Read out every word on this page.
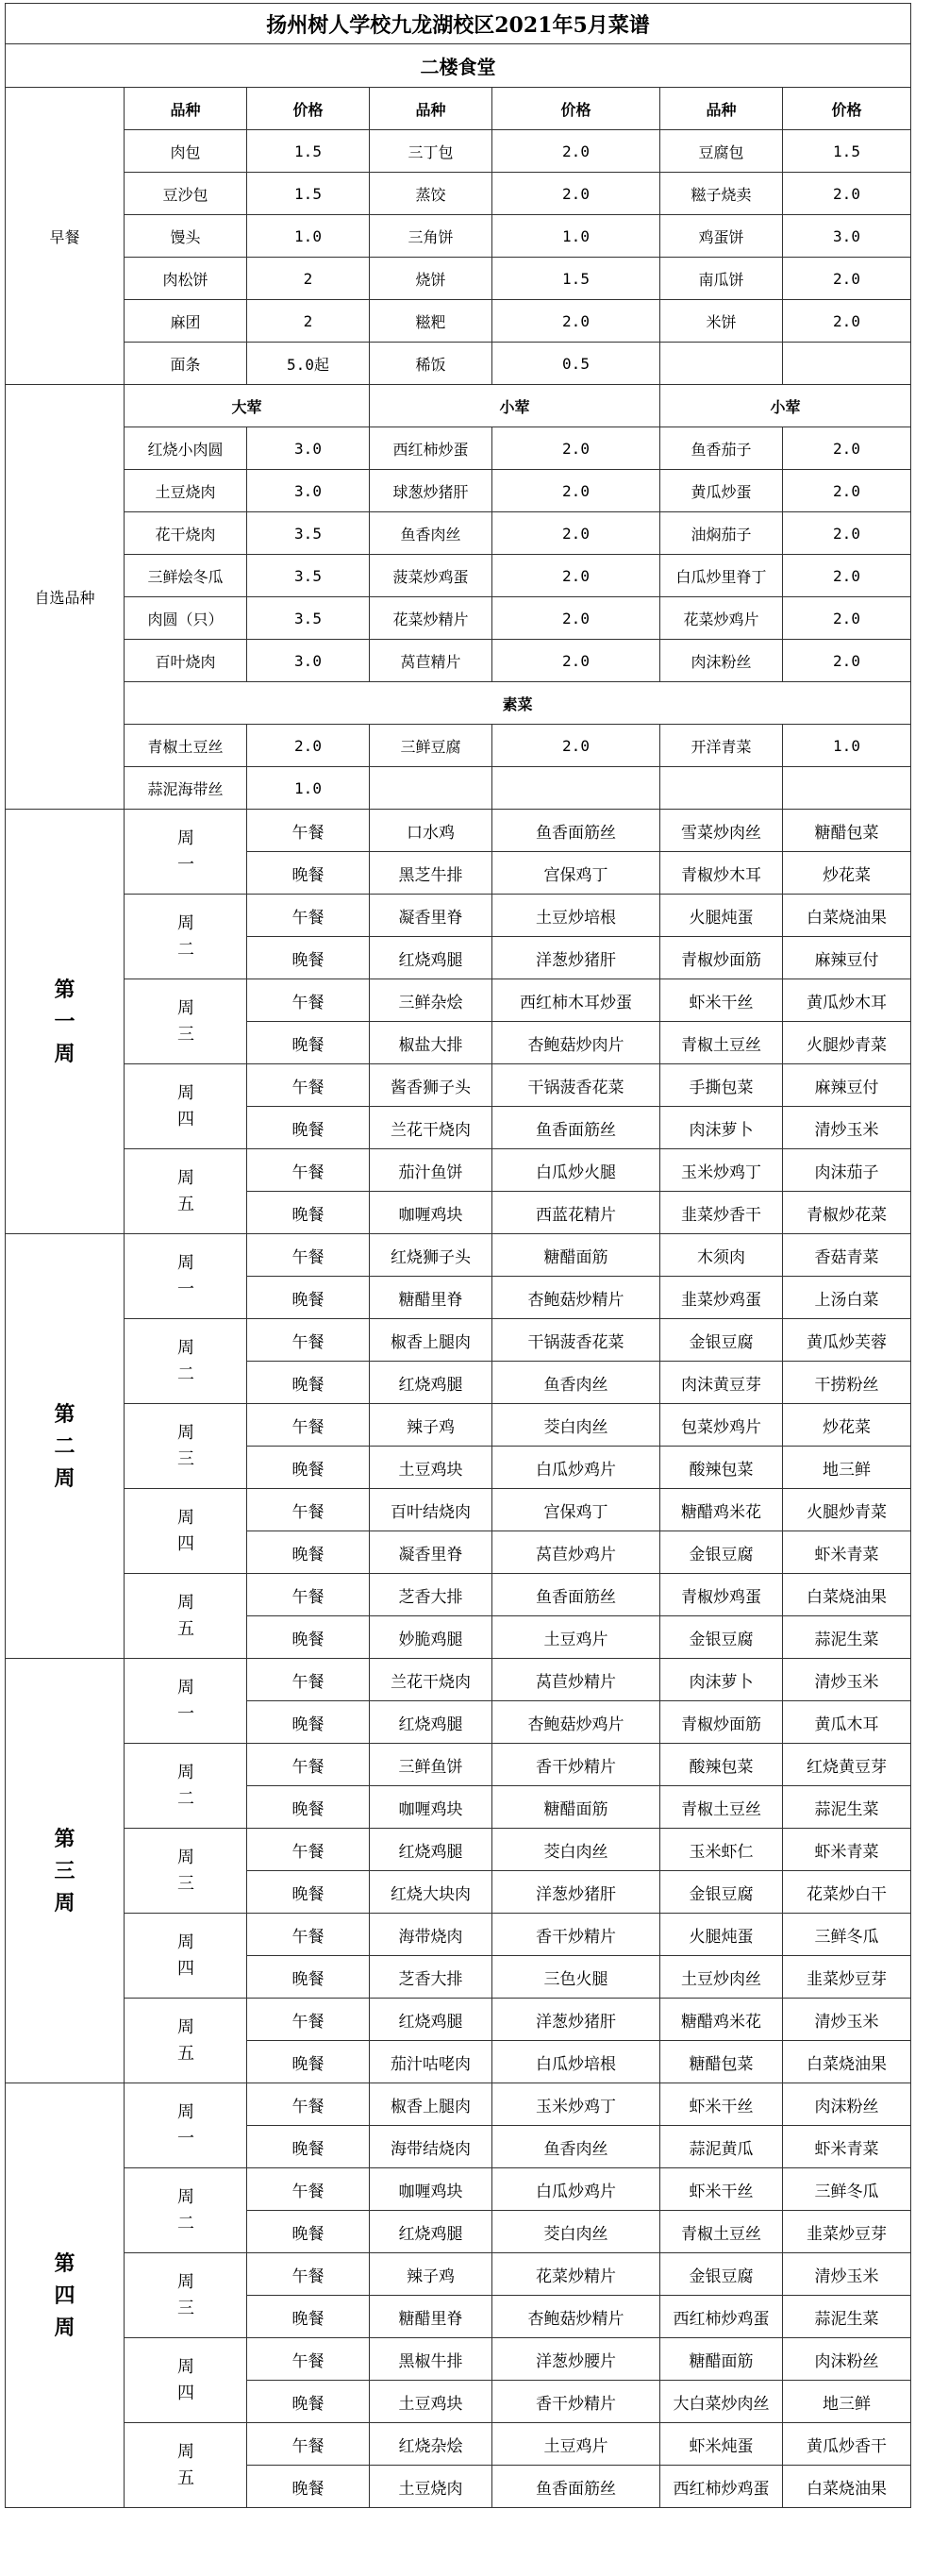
扬州树人学校九龙湖校区2021年5月菜谱						
二楼食堂						
早餐	品种	价格	品种	价格	品种	价格
	肉包	1.5	三丁包	2.0	豆腐包	1.5
	豆沙包	1.5	蒸饺	2.0	糍子烧卖	2.0
	馒头	1.0	三角饼	1.0	鸡蛋饼	3.0
	肉松饼	2	烧饼	1.5	南瓜饼	2.0
	麻团	2	糍粑	2.0	米饼	2.0
	面条	5.0起	稀饭	0.5		
自选品种	大荤		小荤		小荤	
	红烧小肉圆	3.0	西红柿炒蛋	2.0	鱼香茄子	2.0
	土豆烧肉	3.0	球葱炒猪肝	2.0	黄瓜炒蛋	2.0
	花干烧肉	3.5	鱼香肉丝	2.0	油焖茄子	2.0
	三鲜烩冬瓜	3.5	菠菜炒鸡蛋	2.0	白瓜炒里脊丁	2.0
	肉圆（只）	3.5	花菜炒精片	2.0	花菜炒鸡片	2.0
	百叶烧肉	3.0	莴苣精片	2.0	肉沫粉丝	2.0
	素菜					
	青椒土豆丝	2.0	三鲜豆腐	2.0	开洋青菜	1.0
	蒜泥海带丝	1.0				
第一周	周一	午餐	口水鸡	鱼香面筋丝	雪菜炒肉丝	糖醋包菜
		晚餐	黑芝牛排	宫保鸡丁	青椒炒木耳	炒花菜
	周二	午餐	凝香里脊	土豆炒培根	火腿炖蛋	白菜烧油果
		晚餐	红烧鸡腿	洋葱炒猪肝	青椒炒面筋	麻辣豆付
	周三	午餐	三鲜杂烩	西红柿木耳炒蛋	虾米干丝	黄瓜炒木耳
		晚餐	椒盐大排	杏鲍菇炒肉片	青椒土豆丝	火腿炒青菜
	周四	午餐	酱香狮子头	干锅菠香花菜	手撕包菜	麻辣豆付
		晚餐	兰花干烧肉	鱼香面筋丝	肉沫萝卜	清炒玉米
	周五	午餐	茄汁鱼饼	白瓜炒火腿	玉米炒鸡丁	肉沫茄子
		晚餐	咖喱鸡块	西蓝花精片	韭菜炒香干	青椒炒花菜
第二周	周一	午餐	红烧狮子头	糖醋面筋	木须肉	香菇青菜
		晚餐	糖醋里脊	杏鲍菇炒精片	韭菜炒鸡蛋	上汤白菜
	周二	午餐	椒香上腿肉	干锅菠香花菜	金银豆腐	黄瓜炒芙蓉
		晚餐	红烧鸡腿	鱼香肉丝	肉沫黄豆芽	干捞粉丝
	周三	午餐	辣子鸡	茭白肉丝	包菜炒鸡片	炒花菜
		晚餐	土豆鸡块	白瓜炒鸡片	酸辣包菜	地三鲜
	周四	午餐	百叶结烧肉	宫保鸡丁	糖醋鸡米花	火腿炒青菜
		晚餐	凝香里脊	莴苣炒鸡片	金银豆腐	虾米青菜
	周五	午餐	芝香大排	鱼香面筋丝	青椒炒鸡蛋	白菜烧油果
		晚餐	妙脆鸡腿	土豆鸡片	金银豆腐	蒜泥生菜
第三周	周一	午餐	兰花干烧肉	莴苣炒精片	肉沫萝卜	清炒玉米
		晚餐	红烧鸡腿	杏鲍菇炒鸡片	青椒炒面筋	黄瓜木耳
	周二	午餐	三鲜鱼饼	香干炒精片	酸辣包菜	红烧黄豆芽
		晚餐	咖喱鸡块	糖醋面筋	青椒土豆丝	蒜泥生菜
	周三	午餐	红烧鸡腿	茭白肉丝	玉米虾仁	虾米青菜
		晚餐	红烧大块肉	洋葱炒猪肝	金银豆腐	花菜炒白干
	周四	午餐	海带烧肉	香干炒精片	火腿炖蛋	三鲜冬瓜
		晚餐	芝香大排	三色火腿	土豆炒肉丝	韭菜炒豆芽
	周五	午餐	红烧鸡腿	洋葱炒猪肝	糖醋鸡米花	清炒玉米
		晚餐	茄汁咕咾肉	白瓜炒培根	糖醋包菜	白菜烧油果
第四周	周一	午餐	椒香上腿肉	玉米炒鸡丁	虾米干丝	肉沫粉丝
		晚餐	海带结烧肉	鱼香肉丝	蒜泥黄瓜	虾米青菜
	周二	午餐	咖喱鸡块	白瓜炒鸡片	虾米干丝	三鲜冬瓜
		晚餐	红烧鸡腿	茭白肉丝	青椒土豆丝	韭菜炒豆芽
	周三	午餐	辣子鸡	花菜炒精片	金银豆腐	清炒玉米
		晚餐	糖醋里脊	杏鲍菇炒精片	西红柿炒鸡蛋	蒜泥生菜
	周四	午餐	黑椒牛排	洋葱炒腰片	糖醋面筋	肉沫粉丝
		晚餐	土豆鸡块	香干炒精片	大白菜炒肉丝	地三鲜
	周五	午餐	红烧杂烩	土豆鸡片	虾米炖蛋	黄瓜炒香干
		晚餐	土豆烧肉	鱼香面筋丝	西红柿炒鸡蛋	白菜烧油果
